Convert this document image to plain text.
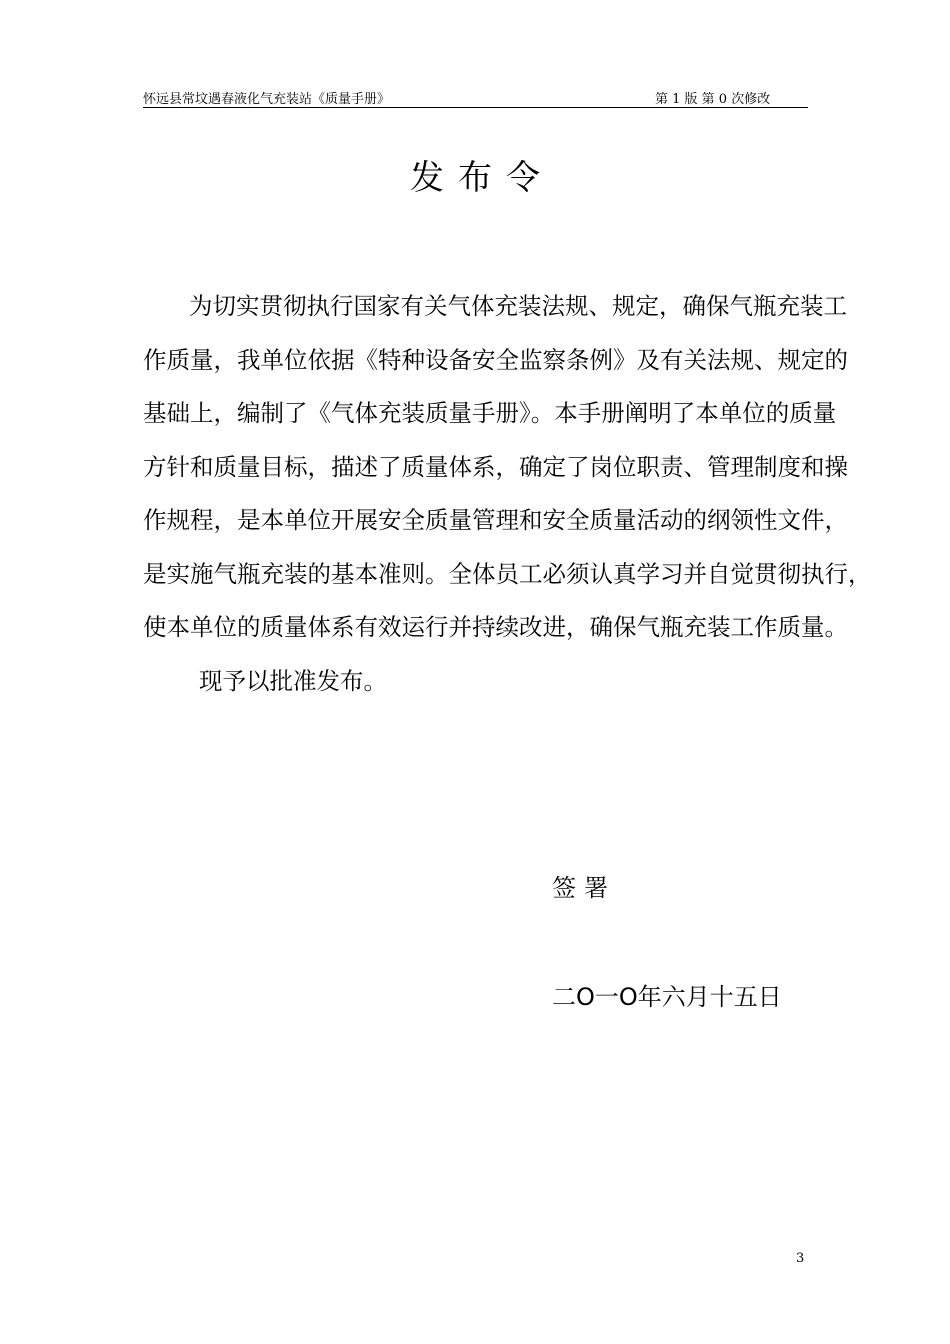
怀远县常坟遇春液化气充装站《质量手册》	第 1 版 第 0 次修改
发布令
为切实贯彻执行国家有关气体充装法规、规定，确保气瓶充装工
作质量，我单位依据《特种设备安全监察条例》及有关法规、规定的
基础上，编制了《气体充装质量手册》。本手册阐明了本单位的质量
方针和质量目标，描述了质量体系，确定了岗位职责、管理制度和操
作规程，是本单位开展安全质量管理和安全质量活动的纲领性文件，
是实施气瓶充装的基本准则。全体员工必须认真学习并自觉贯彻执行，
使本单位的质量体系有效运行并持续改进，确保气瓶充装工作质量。
现予以批准发布。
签署
二O一O年六月十五日
3
